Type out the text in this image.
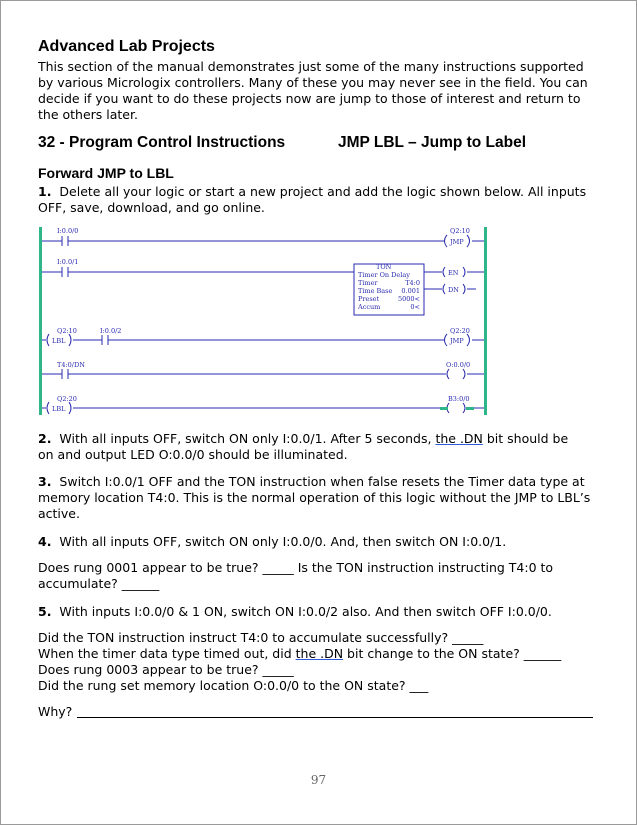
Advanced Lab Projects
This section of the manual demonstrates just some of the many instructions supported
by various Micrologix controllers. Many of these you may never see in the field. You can
decide if you want to do these projects now are jump to those of interest and return to
the others later.
32 - Program Control Instructions	JMP LBL – Jump to Label
Forward JMP to LBL
1. Delete all your logic or start a new project and add the logic shown below. All inputs
OFF, save, download, and go online.
I:0.0/0	Q2:10
JMP
I:0.0/1
TON
Timer On Delay
Timer	T4:0
Time Base 0.001
Preset	5000<
Accum	0<
EN
DN
Q2:10
LBL
I:0.0/2	Q2:20
JMP
T4:0/DN	O:0.0/0
Q2:20
LBL
B3:0/0
2. With all inputs OFF, switch ON only I:0.0/1. After 5 seconds, the .DN bit should be
on and output LED O:0.0/0 should be illuminated.
3. Switch I:0.0/1 OFF and the TON instruction when false resets the Timer data type at
memory location T4:0. This is the normal operation of this logic without the JMP to LBL’s
active.
4. With all inputs OFF, switch ON only I:0.0/0. And, then switch ON I:0.0/1.
Does rung 0001 appear to be true? _____ Is the TON instruction instructing T4:0 to
accumulate? ______
5. With inputs I:0.0/0 & 1 ON, switch ON I:0.0/2 also. And then switch OFF I:0.0/0.
Did the TON instruction instruct T4:0 to accumulate successfully? _____
When the timer data type timed out, did the .DN bit change to the ON state? ______
Does rung 0003 appear to be true? _____
Did the rung set memory location O:0.0/0 to the ON state? ___
Why?
97
